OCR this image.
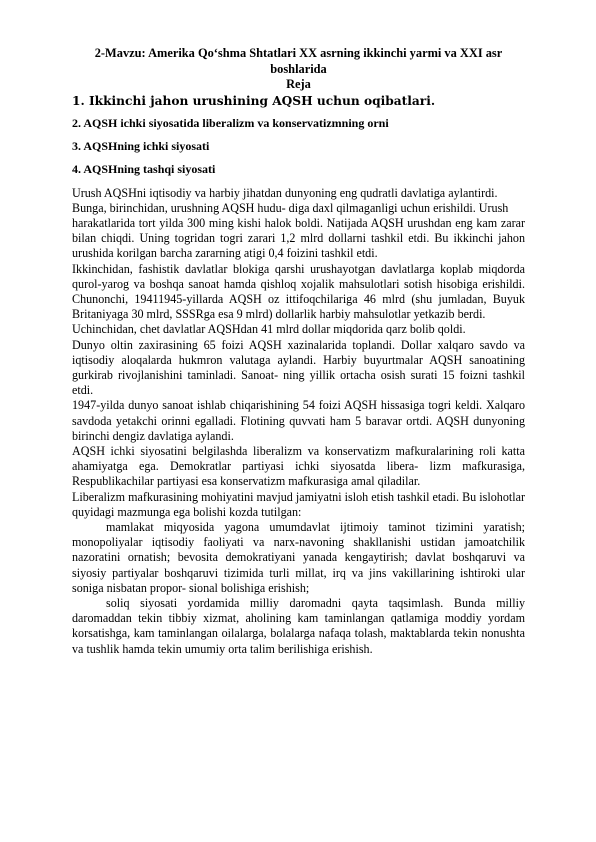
2-Mavzu: Amerika Qo‘shma Shtatlari XX asrning ikkinchi yarmi va XXI asr boshlarida
Reja
1. Ikkinchi jahon urushining AQSH uchun oqibatlari.
2. AQSH ichki siyosatida liberalizm va konservatizmning orni
3. AQSHning ichki siyosati
4. AQSHning tashqi siyosati

Urush AQSHni iqtisodiy va harbiy jihatdan dunyoning eng qudratli davlatiga aylantirdi.

Bunga, birinchidan, urushning AQSH hudu- diga daxl qilmaganligi uchun erishildi. Urush

harakatlarida tort yilda 300 ming kishi halok boldi. Natijada AQSH urushdan eng kam zarar bilan chiqdi. Uning togridan togri zarari 1,2 mlrd dollarni tashkil etdi. Bu ikkinchi jahon urushida korilgan barcha zararning atigi 0,4 foizini tashkil etdi.

Ikkinchidan, fashistik davlatlar blokiga qarshi urushayotgan davlatlarga koplab miqdorda qurol-yarog va boshqa sanoat hamda qishloq xojalik mahsulotlari sotish hisobiga erishildi. Chunonchi, 19411945-yillarda AQSH oz ittifoqchilariga 46 mlrd (shu jumladan, Buyuk Britaniyaga 30 mlrd, SSSRga esa 9 mlrd) dollarlik harbiy mahsulotlar yetkazib berdi.

Uchinchidan, chet davlatlar AQSHdan 41 mlrd dollar miqdorida qarz bolib qoldi.

Dunyo oltin zaxirasining 65 foizi AQSH xazinalarida toplandi. Dollar xalqaro savdo va iqtisodiy aloqalarda hukmron valutaga aylandi. Harbiy buyurtmalar AQSH sanoatining gurkirab rivojlanishini taminladi. Sanoat- ning yillik ortacha osish surati 15 foizni tashkil etdi.

1947-yilda dunyo sanoat ishlab chiqarishining 54 foizi AQSH hissasiga togri keldi. Xalqaro savdoda yetakchi orinni egalladi. Flotining quvvati ham 5 baravar ortdi. AQSH dunyoning birinchi dengiz davlatiga aylandi.

AQSH ichki siyosatini belgilashda liberalizm va konservatizm mafkuralarining roli katta ahamiyatga ega. Demokratlar partiyasi ichki siyosatda libera- lizm mafkurasiga, Respublikachilar partiyasi esa konservatizm mafkurasiga amal qiladilar.

Liberalizm mafkurasining mohiyatini mavjud jamiyatni isloh etish tashkil etadi. Bu islohotlar quyidagi mazmunga ega bolishi kozda tutilgan:

mamlakat miqyosida yagona umumdavlat ijtimoiy taminot tizimini yaratish; monopoliyalar iqtisodiy faoliyati va narx-navoning shakllanishi ustidan jamoatchilik nazoratini ornatish; bevosita demokratiyani yanada kengaytirish; davlat boshqaruvi va siyosiy partiyalar boshqaruvi tizimida turli millat, irq va jins vakillarining ishtiroki ular soniga nisbatan propor- sional bolishiga erishish;

soliq siyosati yordamida milliy daromadni qayta taqsimlash. Bunda milliy daromaddan tekin tibbiy xizmat, aholining kam taminlangan qatlamiga moddiy yordam korsatishga, kam taminlangan oilalarga, bolalarga nafaqa tolash, maktablarda tekin nonushta va tushlik hamda tekin umumiy orta talim berilishiga erishish.
